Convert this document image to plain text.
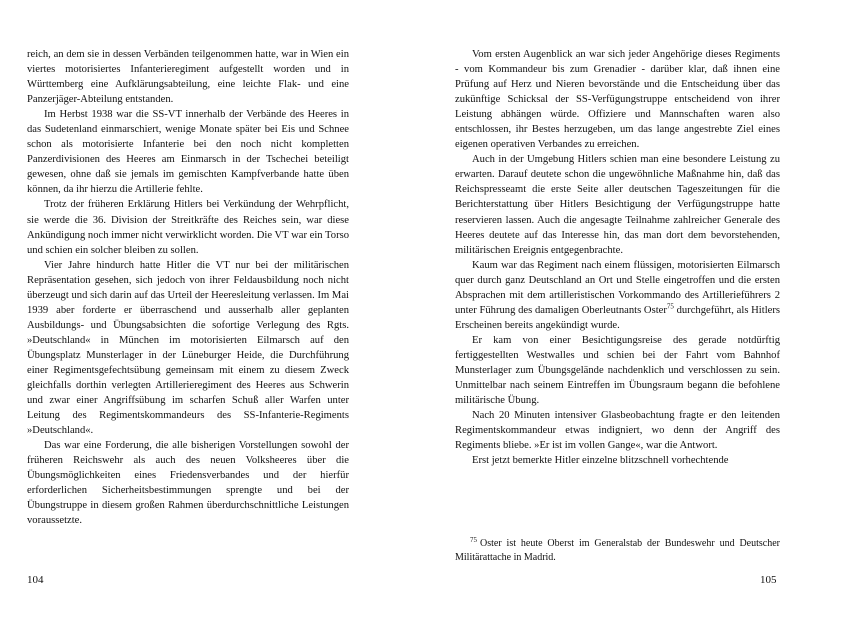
reich, an dem sie in dessen Verbänden teilgenommen hatte, war in Wien ein viertes motorisiertes Infanterieregiment aufgestellt worden und in Württemberg eine Aufklärungsabteilung, eine leichte Flak- und eine Panzerjäger-Abteilung entstanden.

Im Herbst 1938 war die SS-VT innerhalb der Verbände des Heeres in das Sudetenland einmarschiert, wenige Monate später bei Eis und Schnee schon als motorisierte Infanterie bei den noch nicht kompletten Panzerdivisionen des Heeres am Einmarsch in der Tschechei beteiligt gewesen, ohne daß sie jemals im gemischten Kampfverbande hatte üben können, da ihr hierzu die Artillerie fehlte.

Trotz der früheren Erklärung Hitlers bei Verkündung der Wehrpflicht, sie werde die 36. Division der Streitkräfte des Reiches sein, war diese Ankündigung noch immer nicht verwirklicht worden. Die VT war ein Torso und schien ein solcher bleiben zu sollen.

Vier Jahre hindurch hatte Hitler die VT nur bei der militärischen Repräsentation gesehen, sich jedoch von ihrer Feldausbildung noch nicht überzeugt und sich darin auf das Urteil der Heeresleitung verlassen. Im Mai 1939 aber forderte er überraschend und ausserhalb aller geplanten Ausbildungs- und Übungsabsichten die sofortige Verlegung des Rgts. »Deutschland« in München im motorisierten Eilmarsch auf den Übungsplatz Munsterlager in der Lüneburger Heide, die Durchführung einer Regimentsgefechtsübung gemeinsam mit einem zu diesem Zweck gleichfalls dorthin verlegten Artillerieregiment des Heeres aus Schwerin und zwar einer Angriffsübung im scharfen Schuß aller Warfen unter Leitung des Regimentskommandeurs des SS-Infanterie-Regiments »Deutschland«.

Das war eine Forderung, die alle bisherigen Vorstellungen sowohl der früheren Reichswehr als auch des neuen Volksheeres über die Übungsmöglichkeiten eines Friedensverbandes und der hierfür erforderlichen Sicherheitsbestimmungen sprengte und bei der Übungstruppe in diesem großen Rahmen überdurchschnittliche Leistungen voraussetzte.

104

Vom ersten Augenblick an war sich jeder Angehörige dieses Regiments - vom Kommandeur bis zum Grenadier - darüber klar, daß ihnen eine Prüfung auf Herz und Nieren bevorstände und die Entscheidung über das zukünftige Schicksal der SS-Verfügungstruppe entscheidend von ihrer Leistung abhängen würde. Offiziere und Mannschaften waren also entschlossen, ihr Bestes herzugeben, um das lange angestrebte Ziel eines eigenen operativen Verbandes zu erreichen.

Auch in der Umgebung Hitlers schien man eine besondere Leistung zu erwarten. Darauf deutete schon die ungewöhnliche Maßnahme hin, daß das Reichspresseamt die erste Seite aller deutschen Tageszeitungen für die Berichterstattung über Hitlers Besichtigung der Verfügungstruppe hatte reservieren lassen. Auch die angesagte Teilnahme zahlreicher Generale des Heeres deutete auf das Interesse hin, das man dort dem bevorstehenden, militärischen Ereignis entgegenbrachte.

Kaum war das Regiment nach einem flüssigen, motorisierten Eilmarsch quer durch ganz Deutschland an Ort und Stelle eingetroffen und die ersten Absprachen mit dem artilleristischen Vorkommando des Artillerieführers 2 unter Führung des damaligen Oberleutnants Oster$^{75}$ durchgeführt, als Hitlers Erscheinen bereits angekündigt wurde.

Er kam von einer Besichtigungsreise des gerade notdürftig fertiggestellten Westwalles und schien bei der Fahrt vom Bahnhof Munsterlager zum Übungsgelände nachdenklich und verschlossen zu sein. Unmittelbar nach seinem Eintreffen im Übungsraum begann die befohlene militärische Übung.

Nach 20 Minuten intensiver Glasbeobachtung fragte er den leitenden Regimentskommandeur etwas indigniert, wo denn der Angriff des Regiments bliebe. »Er ist im vollen Gange«, war die Antwort.

Erst jetzt bemerkte Hitler einzelne blitzschnell vorhechtende

$^{75}$ Oster ist heute Oberst im Generalstab der Bundeswehr und Deutscher Militärattache in Madrid.
105
